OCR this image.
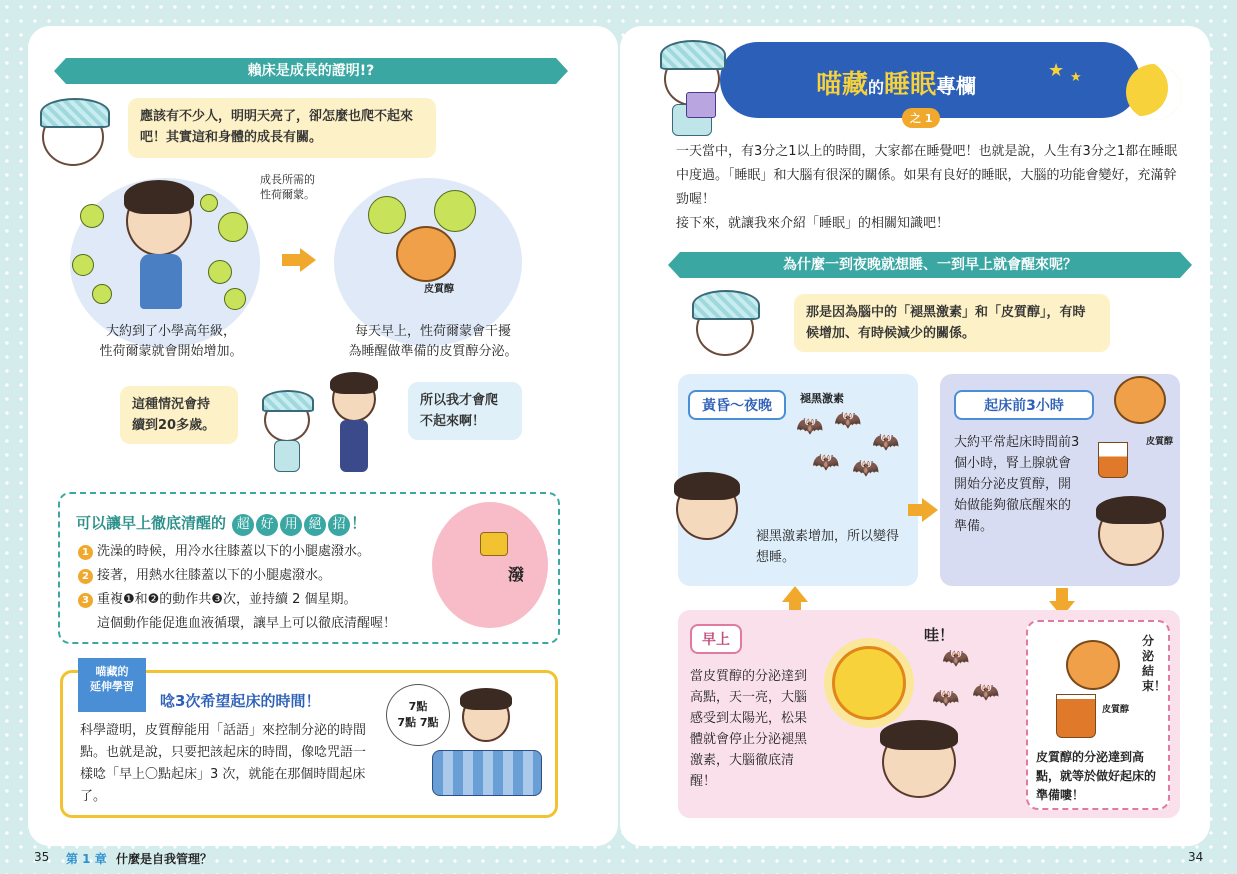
賴床是成長的證明!?
應該有不少人，明明天亮了，卻怎麼也爬不起來吧！其實這和身體的成長有關。
成長所需的
性荷爾蒙。
皮質醇
大約到了小學高年級，
性荷爾蒙就會開始增加。
每天早上，性荷爾蒙會干擾
為睡醒做準備的皮質醇分泌。
這種情況會持
續到20多歲。
所以我才會爬
不起來啊！
可以讓早上徹底清醒的 超 好 用 絕 招 ！
1 洗澡的時候，用冷水往膝蓋以下的小腿處潑水。
2 接著，用熱水往膝蓋以下的小腿處潑水。
3 重複❶和❷的動作共❸次，並持續 2 個星期。
這個動作能促進血液循環，讓早上可以徹底清醒喔！
潑
喵藏的
延伸學習
唸3次希望起床的時間！
科學證明，皮質醇能用「話語」來控制分泌的時間點。也就是說，只要把該起床的時間，像唸咒語一樣唸「早上〇點起床」3 次，就能在那個時間起床了。
7點
7點 7點
35 第 1 章 什麼是自我管理？
喵藏的睡眠專欄
之 1
★ ★
一天當中，有3分之1以上的時間，大家都在睡覺吧！也就是說，人生有3分之1都在睡眠中度過。「睡眠」和大腦有很深的關係。如果有良好的睡眠，大腦的功能會變好，充滿幹勁喔！
接下來，就讓我來介紹「睡眠」的相關知識吧！
為什麼一到夜晚就想睡、一到早上就會醒來呢？
那是因為腦中的「褪黑激素」和「皮質醇」，有時候增加、有時候減少的關係。
黃昏～夜晚	褪黑激素
🦇 🦇
🦇
🦇 🦇
褪黑激素增加，所以變得想睡。
起床前3小時
大約平常起床時間前3個小時，腎上腺就會開始分泌皮質醇，開始做能夠徹底醒來的準備。
皮質醇
早上
當皮質醇的分泌達到高點，天一亮，大腦感受到太陽光，松果體就會停止分泌褪黑激素，大腦徹底清醒！
哇！
🦇
🦇
🦇
分泌結束！
皮質醇
皮質醇的分泌達到高點，就等於做好起床的準備嘍！
34
